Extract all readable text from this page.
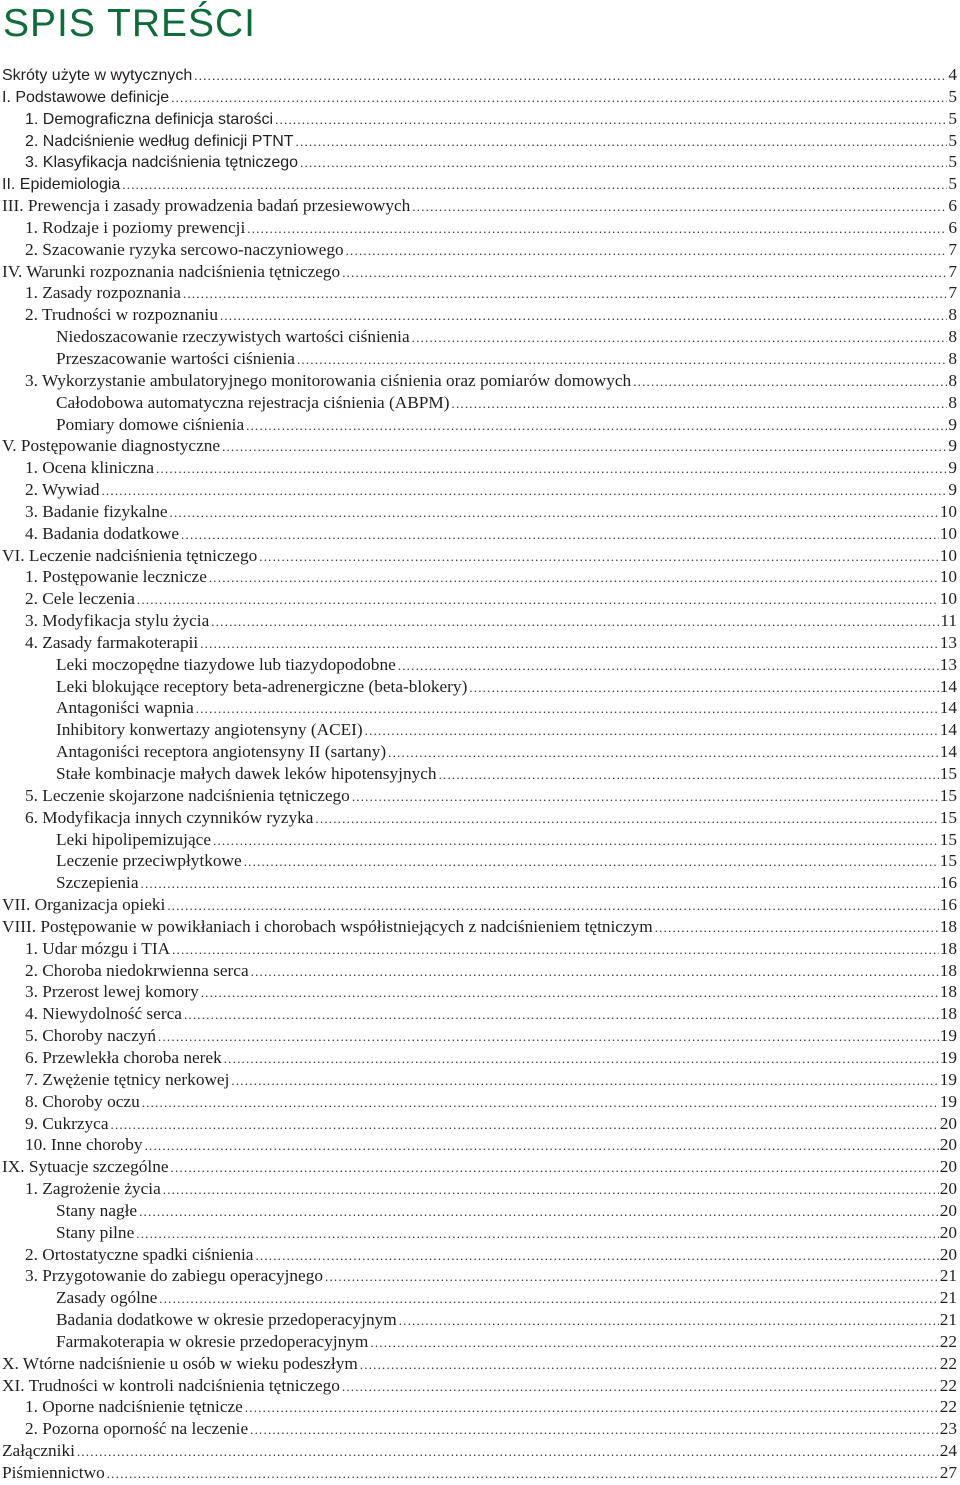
SPIS TREŚCI
Skróty użyte w wytycznych .....	4
I. Podstawowe definicje .....	5
1. Demograficzna definicja starości .....	5
2. Nadciśnienie według definicji PTNT .....	5
3. Klasyfikacja nadciśnienia tętniczego .....	5
II. Epidemiologia .....	5
III. Prewencja i zasady prowadzenia badań przesiewowych .....	6
1. Rodzaje i poziomy prewencji .....	6
2. Szacowanie ryzyka sercowo-naczyniowego .....	7
IV. Warunki rozpoznania nadciśnienia tętniczego .....	7
1. Zasady rozpoznania .....	7
2. Trudności w rozpoznaniu .....	8
Niedoszacowanie rzeczywistych wartości ciśnienia .....	8
Przeszacowanie wartości ciśnienia .....	8
3. Wykorzystanie ambulatoryjnego monitorowania ciśnienia oraz pomiarów domowych .....	8
Całodobowa automatyczna rejestracja ciśnienia (ABPM) .....	8
Pomiary domowe ciśnienia .....	9
V. Postępowanie diagnostyczne .....	9
1. Ocena kliniczna .....	9
2. Wywiad .....	9
3. Badanie fizykalne .....	10
4. Badania dodatkowe .....	10
VI. Leczenie nadciśnienia tętniczego .....	10
1. Postępowanie lecznicze .....	10
2. Cele leczenia .....	10
3. Modyfikacja stylu życia .....	11
4. Zasady farmakoterapii .....	13
Leki moczopędne tiazydowe lub tiazydopodobne .....	13
Leki blokujące receptory beta-adrenergiczne (beta-blokery) .....	14
Antagoniści wapnia .....	14
Inhibitory konwertazy angiotensyny (ACEI) .....	14
Antagoniści receptora angiotensyny II (sartany) .....	14
Stałe kombinacje małych dawek leków hipotensyjnych .....	15
5. Leczenie skojarzone nadciśnienia tętniczego .....	15
6. Modyfikacja innych czynników ryzyka .....	15
Leki hipolipemizujące .....	15
Leczenie przeciwpłytkowe .....	15
Szczepienia .....	16
VII. Organizacja opieki .....	16
VIII. Postępowanie w powikłaniach i chorobach współistniejących z nadciśnieniem tętniczym .....	18
1. Udar mózgu i TIA .....	18
2. Choroba niedokrwienna serca .....	18
3. Przerost lewej komory .....	18
4. Niewydolność serca .....	18
5. Choroby naczyń .....	19
6. Przewlekła choroba nerek .....	19
7. Zwężenie tętnicy nerkowej .....	19
8. Choroby oczu .....	19
9. Cukrzyca .....	20
10. Inne choroby .....	20
IX. Sytuacje szczególne .....	20
1. Zagrożenie życia .....	20
Stany nagłe .....	20
Stany pilne .....	20
2. Ortostatyczne spadki ciśnienia .....	20
3. Przygotowanie do zabiegu operacyjnego .....	21
Zasady ogólne .....	21
Badania dodatkowe w okresie przedoperacyjnym .....	21
Farmakoterapia w okresie przedoperacyjnym .....	22
X. Wtórne nadciśnienie u osób w wieku podeszłym .....	22
XI. Trudności w kontroli nadciśnienia tętniczego .....	22
1. Oporne nadciśnienie tętnicze .....	22
2. Pozorna oporność na leczenie .....	23
Załączniki .....	24
Piśmiennictwo .....	27
